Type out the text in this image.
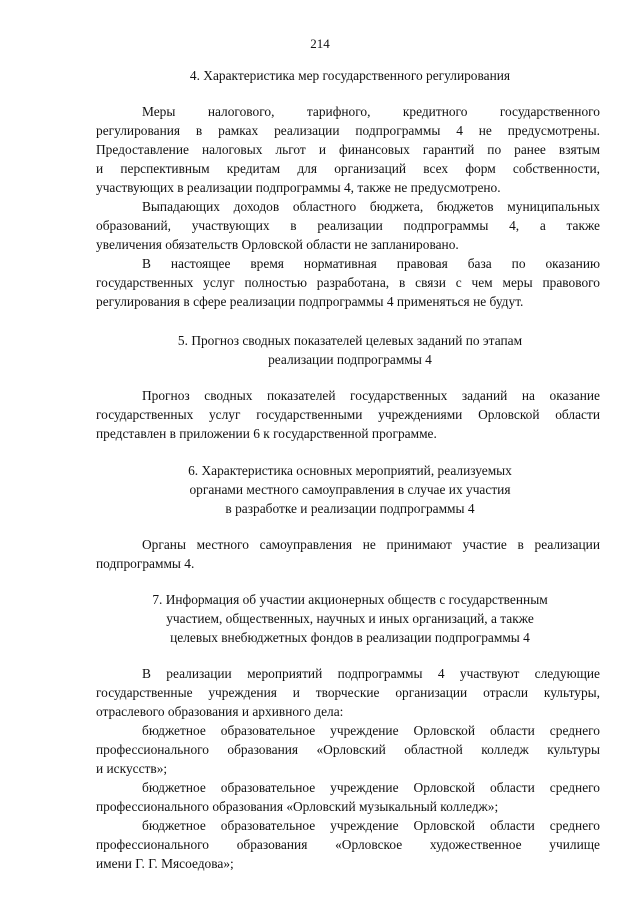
214
4. Характеристика мер государственного регулирования
Меры налогового, тарифного, кредитного государственного
регулирования в рамках реализации подпрограммы 4 не предусмотрены.
Предоставление налоговых льгот и финансовых гарантий по ранее взятым
и перспективным кредитам для организаций всех форм собственности,
участвующих в реализации подпрограммы 4, также не предусмотрено.
Выпадающих доходов областного бюджета, бюджетов муниципальных
образований, участвующих в реализации подпрограммы 4, а также
увеличения обязательств Орловской области не запланировано.
В настоящее время нормативная правовая база по оказанию
государственных услуг полностью разработана, в связи с чем меры правового
регулирования в сфере реализации подпрограммы 4 применяться не будут.
5. Прогноз сводных показателей целевых заданий по этапам
реализации подпрограммы 4
Прогноз сводных показателей государственных заданий на оказание
государственных услуг государственными учреждениями Орловской области
представлен в приложении 6 к государственной программе.
6. Характеристика основных мероприятий, реализуемых
органами местного самоуправления в случае их участия
в разработке и реализации подпрограммы 4
Органы местного самоуправления не принимают участие в реализации
подпрограммы 4.
7. Информация об участии акционерных обществ с государственным
участием, общественных, научных и иных организаций, а также
целевых внебюджетных фондов в реализации подпрограммы 4
В реализации мероприятий подпрограммы 4 участвуют следующие
государственные учреждения и творческие организации отрасли культуры,
отраслевого образования и архивного дела:
бюджетное образовательное учреждение Орловской области среднего
профессионального образования «Орловский областной колледж культуры
и искусств»;
бюджетное образовательное учреждение Орловской области среднего
профессионального образования «Орловский музыкальный колледж»;
бюджетное образовательное учреждение Орловской области среднего
профессионального образования «Орловское художественное училище
имени Г. Г. Мясоедова»;
